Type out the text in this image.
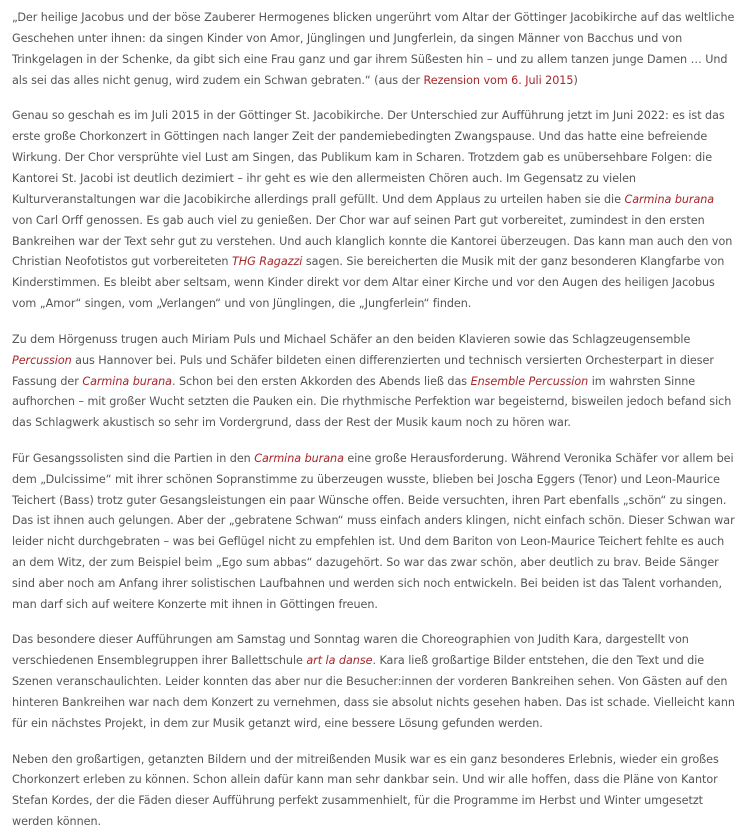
„Der heilige Jacobus und der böse Zauberer Hermogenes blicken ungerührt vom Altar der Göttinger Jacobikirche auf das weltliche Geschehen unter ihnen: da singen Kinder von Amor, Jünglingen und Jungferlein, da singen Männer von Bacchus und von Trinkgelagen in der Schenke, da gibt sich eine Frau ganz und gar ihrem Süßesten hin – und zu allem tanzen junge Damen … Und als sei das alles nicht genug, wird zudem ein Schwan gebraten.“ (aus der Rezension vom 6. Juli 2015)

Genau so geschah es im Juli 2015 in der Göttinger St. Jacobikirche. Der Unterschied zur Aufführung jetzt im Juni 2022: es ist das erste große Chorkonzert in Göttingen nach langer Zeit der pandemiebedingten Zwangspause. Und das hatte eine befreiende Wirkung. Der Chor versprühte viel Lust am Singen, das Publikum kam in Scharen. Trotzdem gab es unübersehbare Folgen: die Kantorei St. Jacobi ist deutlich dezimiert – ihr geht es wie den allermeisten Chören auch. Im Gegensatz zu vielen Kulturveranstaltungen war die Jacobikirche allerdings prall gefüllt. Und dem Applaus zu urteilen haben sie die Carmina burana von Carl Orff genossen. Es gab auch viel zu genießen. Der Chor war auf seinen Part gut vorbereitet, zumindest in den ersten Bankreihen war der Text sehr gut zu verstehen. Und auch klanglich konnte die Kantorei überzeugen. Das kann man auch den von Christian Neofotistos gut vorbereiteten THG Ragazzi sagen. Sie bereicherten die Musik mit der ganz besonderen Klangfarbe von Kinderstimmen. Es bleibt aber seltsam, wenn Kinder direkt vor dem Altar einer Kirche und vor den Augen des heiligen Jacobus vom „Amor“ singen, vom „Verlangen“ und von Jünglingen, die „Jungferlein“ finden.

Zu dem Hörgenuss trugen auch Miriam Puls und Michael Schäfer an den beiden Klavieren sowie das Schlagzeugensemble Percussion aus Hannover bei. Puls und Schäfer bildeten einen differenzierten und technisch versierten Orchesterpart in dieser Fassung der Carmina burana. Schon bei den ersten Akkorden des Abends ließ das Ensemble Percussion im wahrsten Sinne aufhorchen – mit großer Wucht setzten die Pauken ein. Die rhythmische Perfektion war begeisternd, bisweilen jedoch befand sich das Schlagwerk akustisch so sehr im Vordergrund, dass der Rest der Musik kaum noch zu hören war.

Für Gesangssolisten sind die Partien in den Carmina burana eine große Herausforderung. Während Veronika Schäfer vor allem bei dem „Dulcissime“ mit ihrer schönen Sopranstimme zu überzeugen wusste, blieben bei Joscha Eggers (Tenor) und Leon-Maurice Teichert (Bass) trotz guter Gesangsleistungen ein paar Wünsche offen. Beide versuchten, ihren Part ebenfalls „schön“ zu singen. Das ist ihnen auch gelungen. Aber der „gebratene Schwan“ muss einfach anders klingen, nicht einfach schön. Dieser Schwan war leider nicht durchgebraten – was bei Geflügel nicht zu empfehlen ist. Und dem Bariton von Leon-Maurice Teichert fehlte es auch an dem Witz, der zum Beispiel beim „Ego sum abbas“ dazugehört. So war das zwar schön, aber deutlich zu brav. Beide Sänger sind aber noch am Anfang ihrer solistischen Laufbahnen und werden sich noch entwickeln. Bei beiden ist das Talent vorhanden, man darf sich auf weitere Konzerte mit ihnen in Göttingen freuen.

Das besondere dieser Aufführungen am Samstag und Sonntag waren die Choreographien von Judith Kara, dargestellt von verschiedenen Ensemblegruppen ihrer Ballettschule art la danse. Kara ließ großartige Bilder entstehen, die den Text und die Szenen veranschaulichten. Leider konnten das aber nur die Besucher:innen der vorderen Bankreihen sehen. Von Gästen auf den hinteren Bankreihen war nach dem Konzert zu vernehmen, dass sie absolut nichts gesehen haben. Das ist schade. Vielleicht kann für ein nächstes Projekt, in dem zur Musik getanzt wird, eine bessere Lösung gefunden werden.

Neben den großartigen, getanzten Bildern und der mitreißenden Musik war es ein ganz besonderes Erlebnis, wieder ein großes Chorkonzert erleben zu können. Schon allein dafür kann man sehr dankbar sein. Und wir alle hoffen, dass die Pläne von Kantor Stefan Kordes, der die Fäden dieser Aufführung perfekt zusammenhielt, für die Programme im Herbst und Winter umgesetzt werden können.
